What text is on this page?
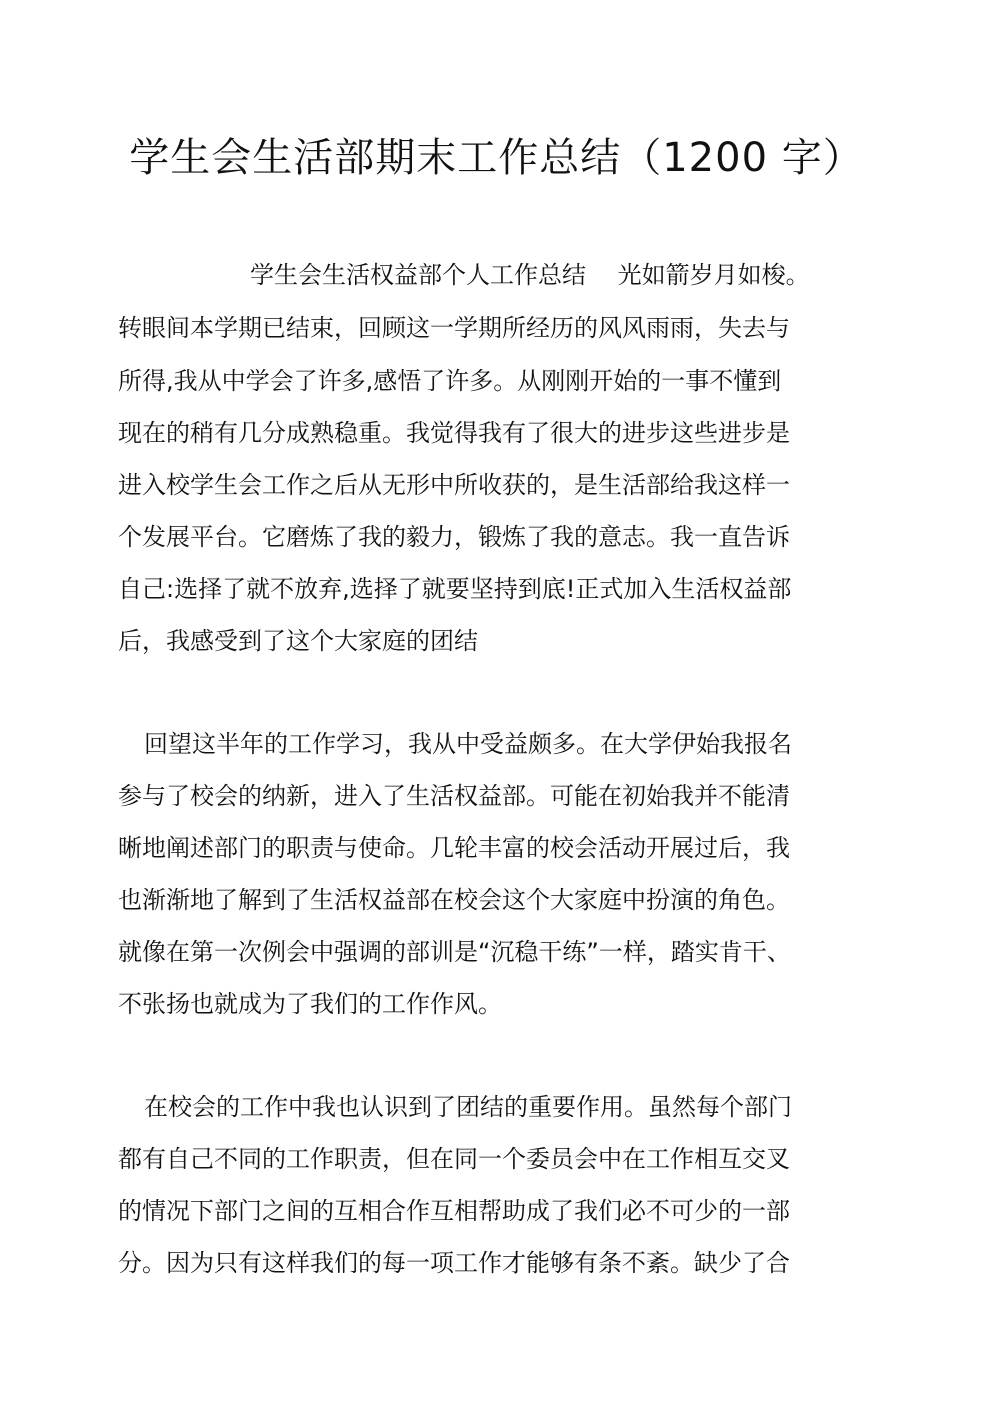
学生会生活部期末工作总结（1200 字）

学生会生活权益部个人工作总结　 光如箭岁月如梭。

转眼间本学期已结束，回顾这一学期所经历的风风雨雨，失去与

所得,我从中学会了许多,感悟了许多。从刚刚开始的一事不懂到

现在的稍有几分成熟稳重。我觉得我有了很大的进步这些进步是

进入校学生会工作之后从无形中所收获的，是生活部给我这样一

个发展平台。它磨炼了我的毅力，锻炼了我的意志。我一直告诉

自己:选择了就不放弃,选择了就要坚持到底!正式加入生活权益部

后，我感受到了这个大家庭的团结

回望这半年的工作学习，我从中受益颇多。在大学伊始我报名

参与了校会的纳新，进入了生活权益部。可能在初始我并不能清

晰地阐述部门的职责与使命。几轮丰富的校会活动开展过后，我

也渐渐地了解到了生活权益部在校会这个大家庭中扮演的角色。

就像在第一次例会中强调的部训是“沉稳干练”一样，踏实肯干、

不张扬也就成为了我们的工作作风。

在校会的工作中我也认识到了团结的重要作用。虽然每个部门

都有自己不同的工作职责，但在同一个委员会中在工作相互交叉

的情况下部门之间的互相合作互相帮助成了我们必不可少的一部

分。因为只有这样我们的每一项工作才能够有条不紊。缺少了合
